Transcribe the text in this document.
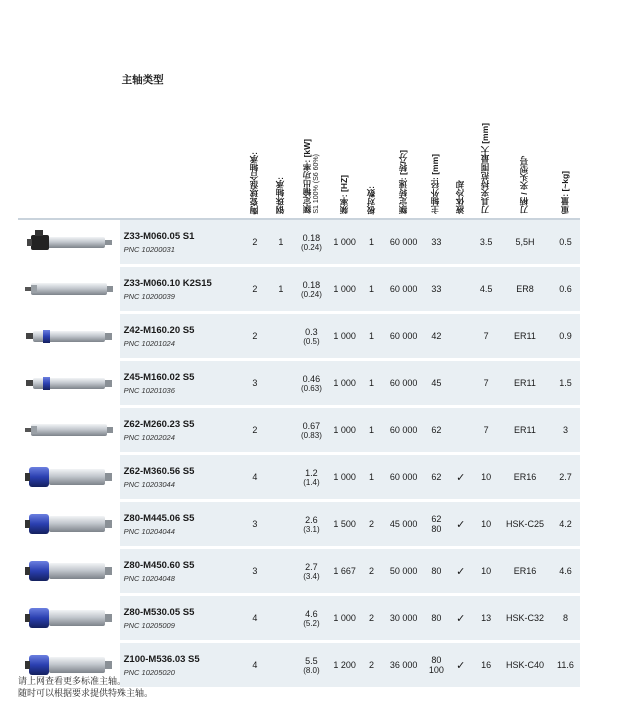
	主轴类型	陶瓷球混合轴承:	钢珠轴承:	额定输出功率: [kW] S1 100% (S6 60%)	频率: [HZ]	极对数:	额定转速: [转/分]	主轴外径: [mm]	液体冷却	刀具夹持范围最大 [mm]	刀柄 / 夹头型号	重量: [~kg]

Z33-M060.05 S1
PNC 10200031	2	1	0.18
(0.24)	1 000	1	60 000	33		3.5	5,5H	0.5

Z33-M060.10 K2S15
PNC 10200039	2	1	0.18
(0.24)	1 000	1	60 000	33		4.5	ER8	0.6

Z42-M160.20 S5
PNC 10201024	2		0.3
(0.5)	1 000	1	60 000	42		7	ER11	0.9

Z45-M160.02 S5
PNC 10201036	3		0.46
(0.63)	1 000	1	60 000	45		7	ER11	1.5

Z62-M260.23 S5
PNC 10202024	2		0.67
(0.83)	1 000	1	60 000	62		7	ER11	3

Z62-M360.56 S5
PNC 10203044	4		1.2
(1.4)	1 000	1	60 000	62	✓	10	ER16	2.7

Z80-M445.06 S5
PNC 10204044	3		2.6
(3.1)	1 500	2	45 000	62
80	✓	10	HSK-C25	4.2

Z80-M450.60 S5
PNC 10204048	3		2.7
(3.4)	1 667	2	50 000	80	✓	10	ER16	4.6

Z80-M530.05 S5
PNC 10205009	4		4.6
(5.2)	1 000	2	30 000	80	✓	13	HSK-C32	8

Z100-M536.03 S5
PNC 10205020	4		5.5
(8.0)	1 200	2	36 000	80
100	✓	16	HSK-C40	11.6
请上网查看更多标准主轴。
随时可以根据要求提供特殊主轴。
